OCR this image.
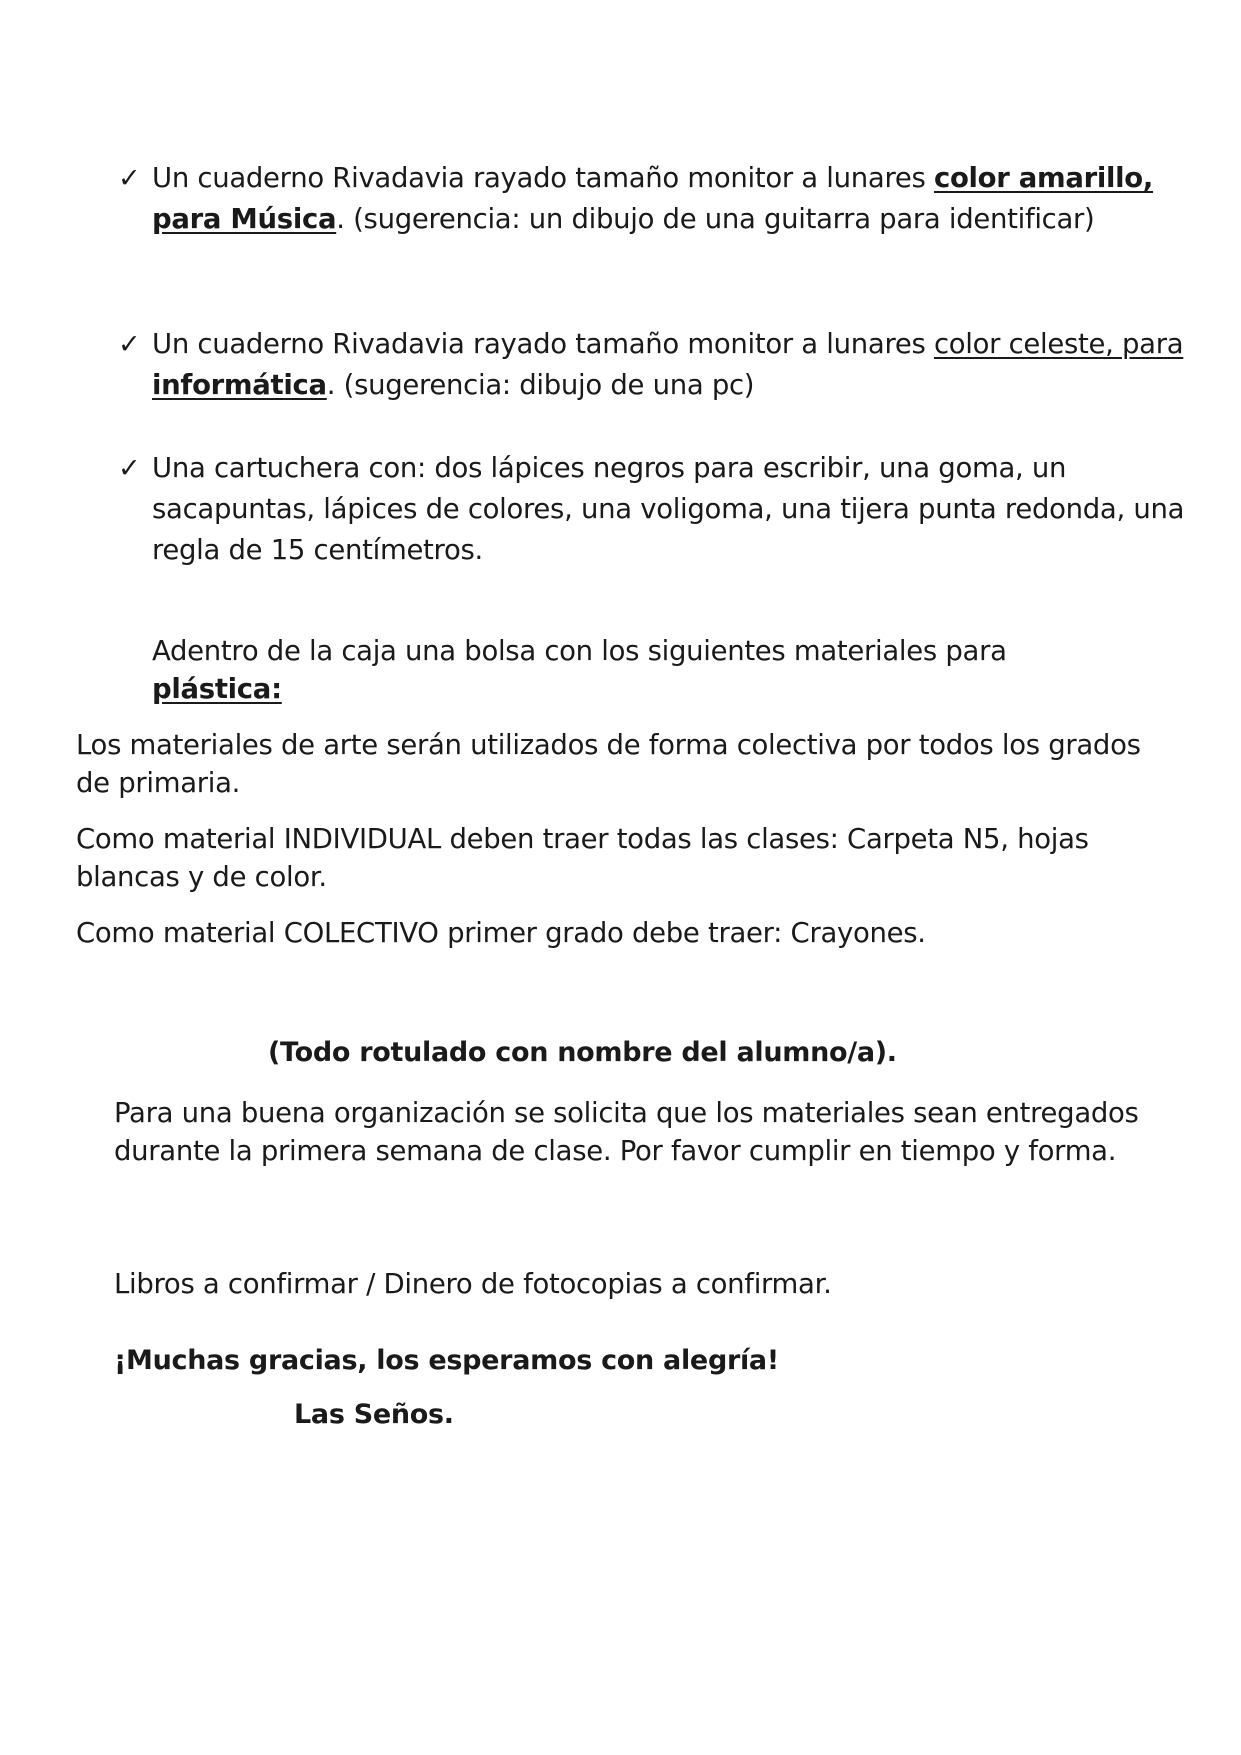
✓ Un cuaderno Rivadavia rayado tamaño monitor a lunares color amarillo, para Música. (sugerencia: un dibujo de una guitarra para identificar)
✓ Un cuaderno Rivadavia rayado tamaño monitor a lunares color celeste, para informática. (sugerencia: dibujo de una pc)
✓ Una cartuchera con: dos lápices negros para escribir, una goma, un sacapuntas, lápices de colores, una voligoma, una tijera punta redonda, una regla de 15 centímetros.
Adentro de la caja una bolsa con los siguientes materiales para plástica:
Los materiales de arte serán utilizados de forma colectiva por todos los grados de primaria.
Como material INDIVIDUAL deben traer todas las clases: Carpeta N5, hojas blancas y de color.
Como material COLECTIVO primer grado debe traer: Crayones.
(Todo rotulado con nombre del alumno/a).
Para una buena organización se solicita que los materiales sean entregados durante la primera semana de clase. Por favor cumplir en tiempo y forma.
Libros a confirmar / Dinero de fotocopias a confirmar.
¡Muchas gracias, los esperamos con alegría!
Las Seños.
